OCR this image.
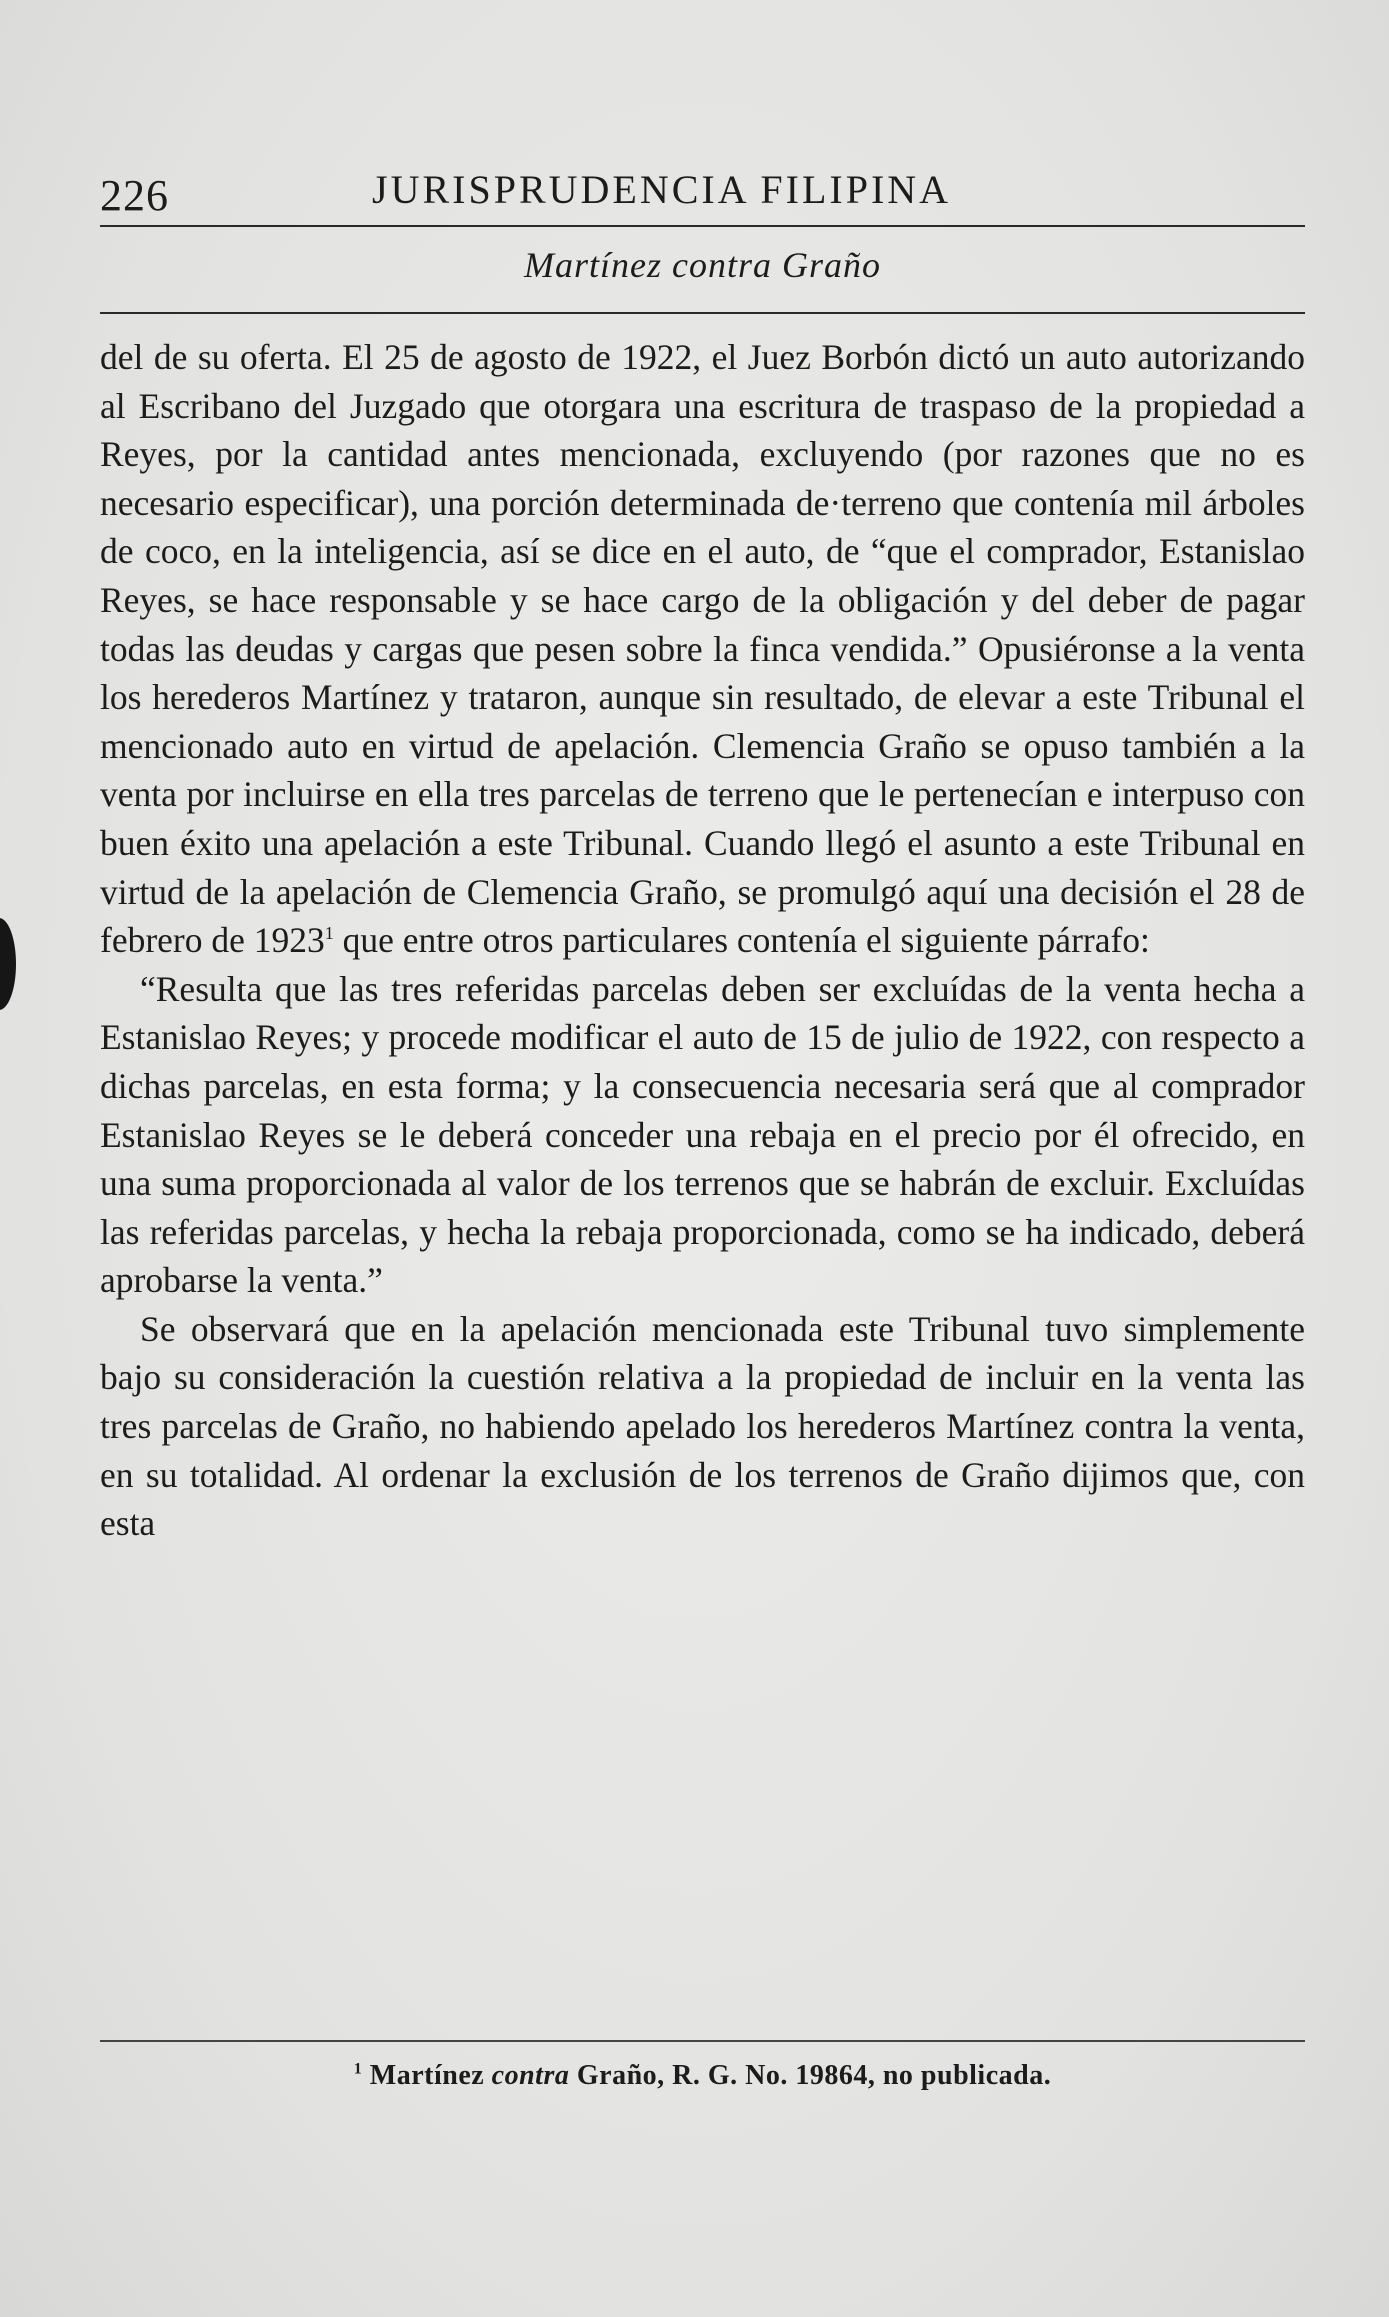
226	JURISPRUDENCIA FILIPINA
Martínez contra Graño

del de su oferta. El 25 de agosto de 1922, el Juez Borbón dictó un auto autorizando al Escribano del Juzgado que otorgara una escritura de traspaso de la propiedad a Reyes, por la cantidad antes mencionada, excluyendo (por razones que no es necesario especificar), una porción determinada de·terreno que contenía mil árboles de coco, en la inteligencia, así se dice en el auto, de “que el comprador, Estanislao Reyes, se hace responsable y se hace cargo de la obligación y del deber de pagar todas las deudas y cargas que pesen sobre la finca vendida.” Opusiéronse a la venta los herederos Martínez y trataron, aunque sin resultado, de elevar a este Tribunal el mencionado auto en virtud de apelación. Clemencia Graño se opuso también a la venta por incluirse en ella tres parcelas de terreno que le pertenecían e interpuso con buen éxito una apelación a este Tribunal. Cuando llegó el asunto a este Tribunal en virtud de la apelación de Clemencia Graño, se promulgó aquí una decisión el 28 de febrero de 1923$^1$ que entre otros particulares contenía el siguiente párrafo:

“Resulta que las tres referidas parcelas deben ser excluídas de la venta hecha a Estanislao Reyes; y procede modificar el auto de 15 de julio de 1922, con respecto a dichas parcelas, en esta forma; y la consecuencia necesaria será que al comprador Estanislao Reyes se le deberá conceder una rebaja en el precio por él ofrecido, en una suma proporcionada al valor de los terrenos que se habrán de excluir. Excluídas las referidas parcelas, y hecha la rebaja proporcionada, como se ha indicado, deberá aprobarse la venta.”

Se observará que en la apelación mencionada este Tribunal tuvo simplemente bajo su consideración la cuestión relativa a la propiedad de incluir en la venta las tres parcelas de Graño, no habiendo apelado los herederos Martínez contra la venta, en su totalidad. Al ordenar la exclusión de los terrenos de Graño dijimos que, con esta

$^1$ Martínez contra Graño, R. G. No. 19864, no publicada.
